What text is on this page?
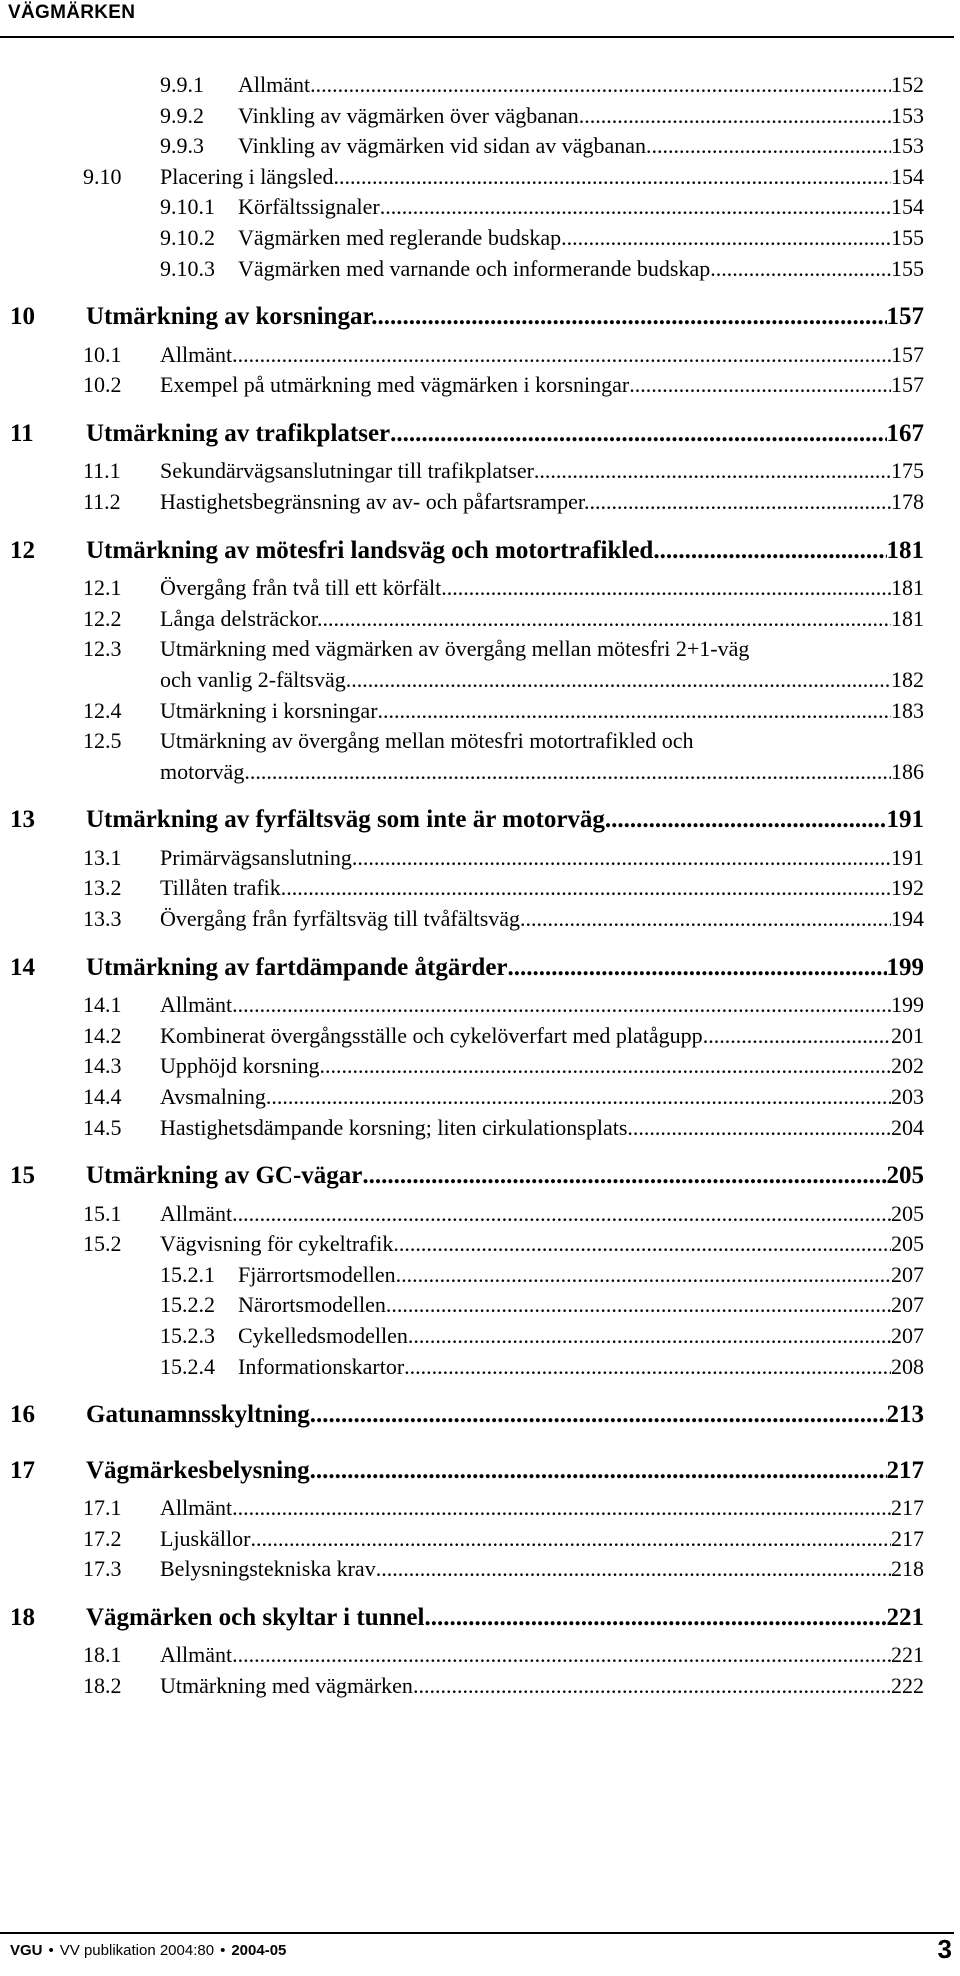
VÄGMÄRKEN
9.9.1 Allmänt .....	152
9.9.2 Vinkling av vägmärken över vägbanan .....	153
9.9.3 Vinkling av vägmärken vid sidan av vägbanan .....	153
9.10 Placering i längsled .....	154
9.10.1 Körfältssignaler .....	154
9.10.2 Vägmärken med reglerande budskap .....	155
9.10.3 Vägmärken med varnande och informerande budskap .....	155
10 Utmärkning av korsningar. .....	157
10.1 Allmänt .....	157
10.2 Exempel på utmärkning med vägmärken i korsningar .....	157
11 Utmärkning av trafikplatser .....	167
11.1 Sekundärvägsanslutningar till trafikplatser .....	175
11.2 Hastighetsbegränsning av av- och påfartsramper. .....	178
12 Utmärkning av mötesfri landsväg och motortrafikled .....	181
12.1 Övergång från två till ett körfält .....	181
12.2 Långa delsträckor. .....	181
12.3 Utmärkning med vägmärken av övergång mellan mötesfri 2+1-väg
och vanlig 2-fältsväg .....	182
12.4 Utmärkning i korsningar .....	183
12.5 Utmärkning av övergång mellan mötesfri motortrafikled och
motorväg .....	186
13 Utmärkning av fyrfältsväg som inte är motorväg .....	191
13.1 Primärvägsanslutning .....	191
13.2 Tillåten trafik .....	192
13.3 Övergång från fyrfältsväg till tvåfältsväg .....	194
14 Utmärkning av fartdämpande åtgärder .....	199
14.1 Allmänt .....	199
14.2 Kombinerat övergångsställe och cykelöverfart med platågupp .....	201
14.3 Upphöjd korsning .....	202
14.4 Avsmalning .....	203
14.5 Hastighetsdämpande korsning; liten cirkulationsplats .....	204
15 Utmärkning av GC-vägar .....	205
15.1 Allmänt .....	205
15.2 Vägvisning för cykeltrafik .....	205
15.2.1 Fjärrortsmodellen .....	207
15.2.2 Närortsmodellen .....	207
15.2.3 Cykelledsmodellen .....	207
15.2.4 Informationskartor .....	208
16 Gatunamnsskyltning .....	213
17 Vägmärkesbelysning .....	217
17.1 Allmänt .....	217
17.2 Ljuskällor .....	217
17.3 Belysningstekniska krav .....	218
18 Vägmärken och skyltar i tunnel .....	221
18.1 Allmänt .....	221
18.2 Utmärkning med vägmärken .....	222
VGU • VV publikation 2004:80 • 2004-05	3
